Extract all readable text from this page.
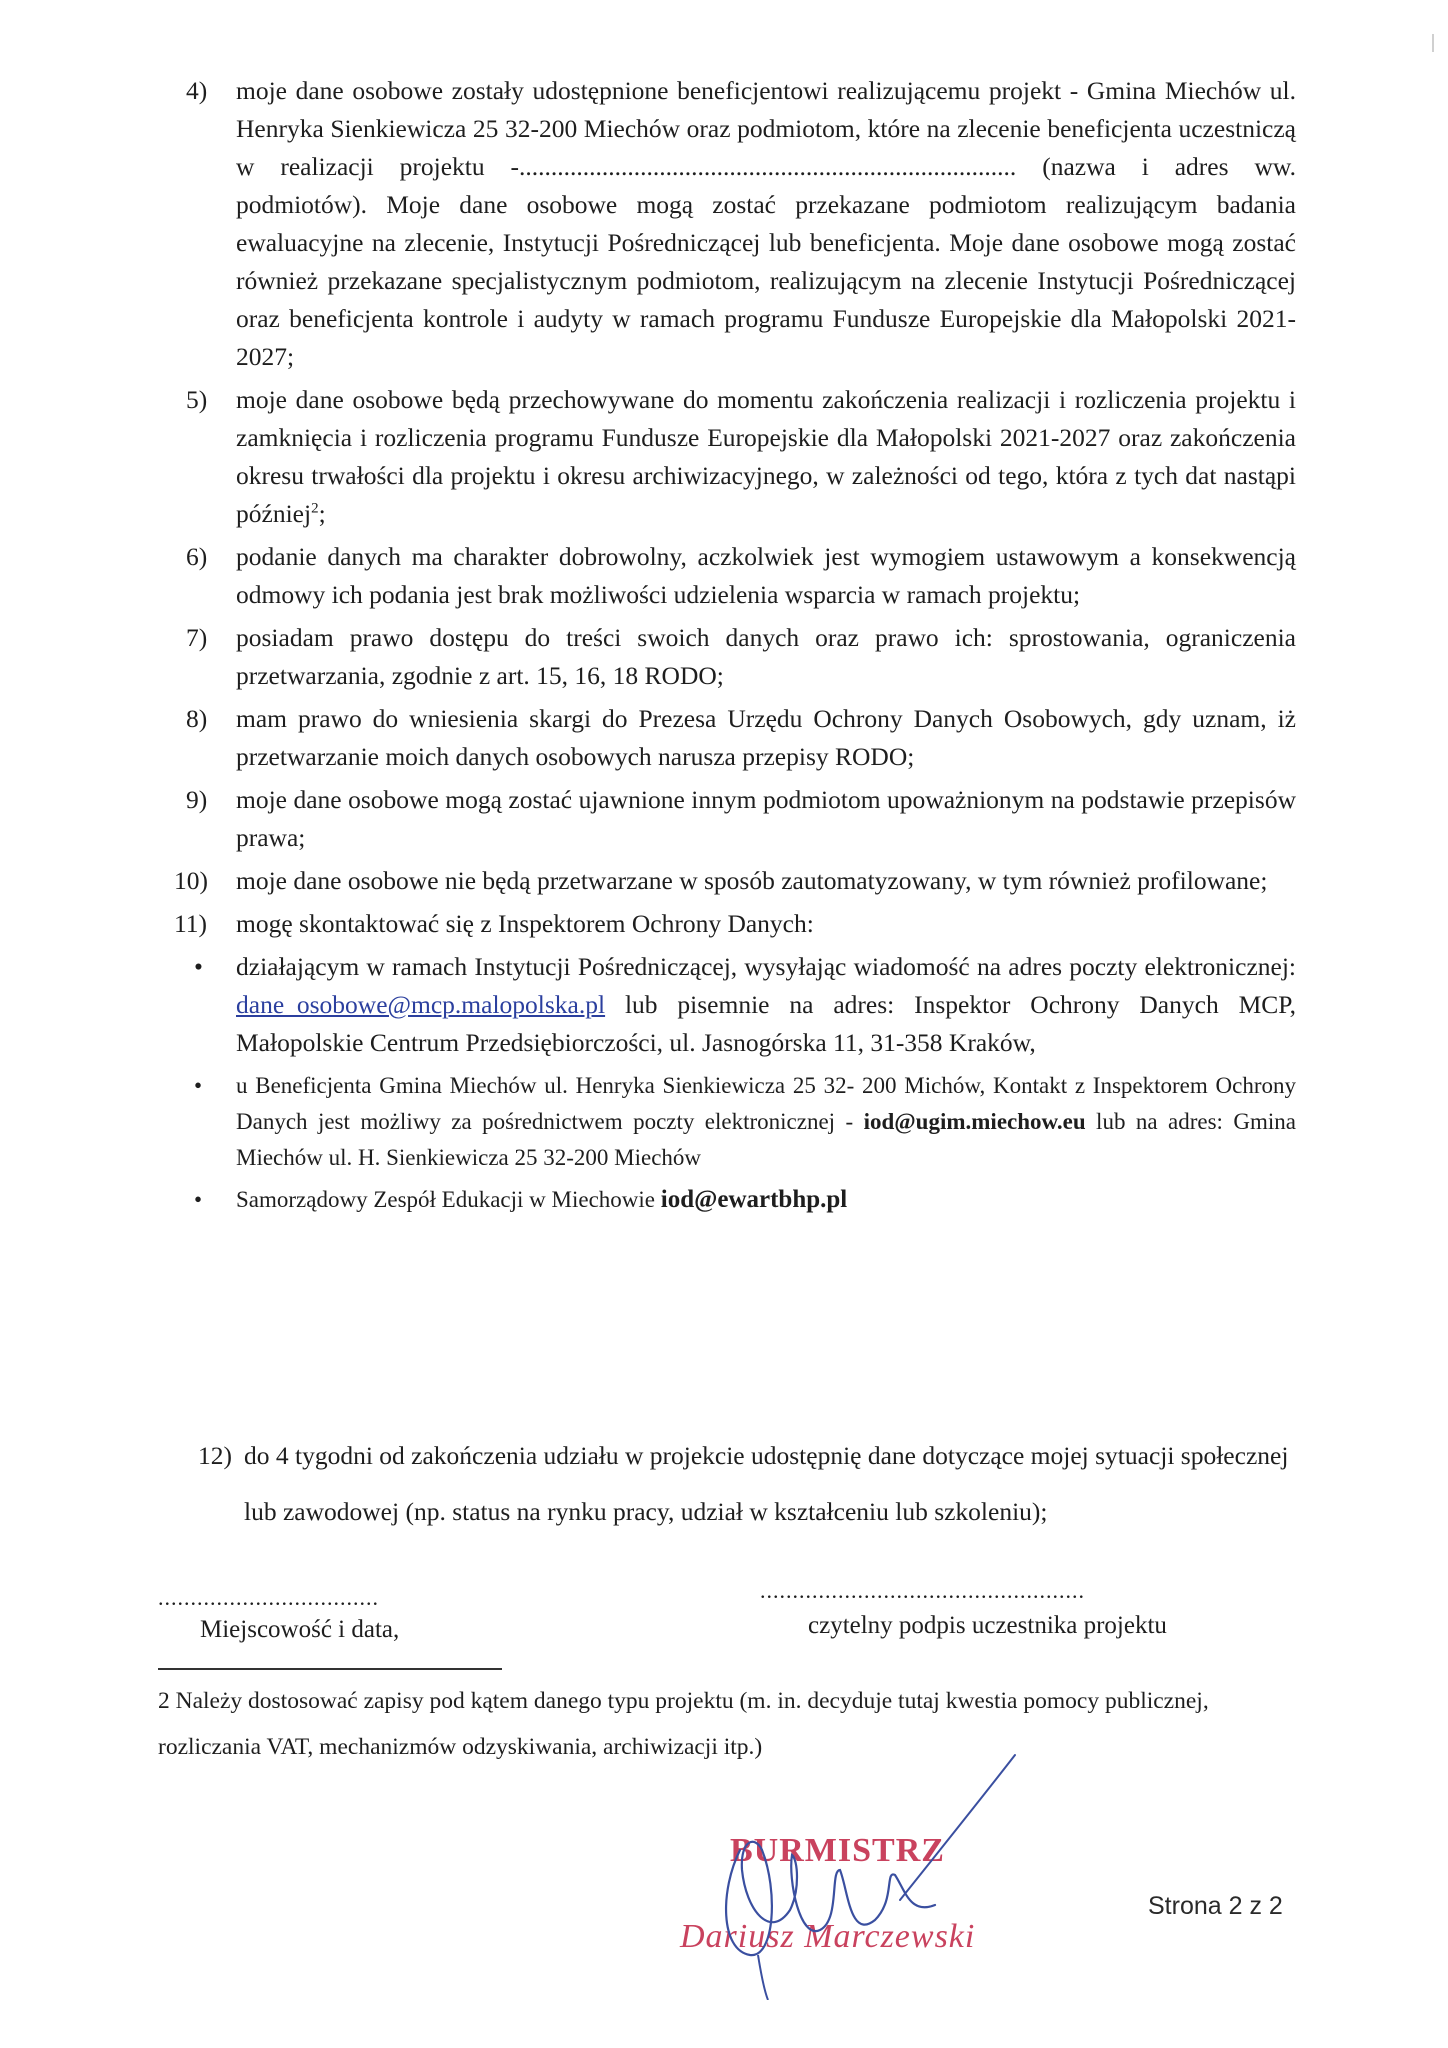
4) moje dane osobowe zostały udostępnione beneficjentowi realizującemu projekt - Gmina Miechów ul. Henryka Sienkiewicza 25 32-200 Miechów oraz podmiotom, które na zlecenie beneficjenta uczestniczą w realizacji projektu -.............................................................................. (nazwa i adres ww. podmiotów). Moje dane osobowe mogą zostać przekazane podmiotom realizującym badania ewaluacyjne na zlecenie, Instytucji Pośredniczącej lub beneficjenta. Moje dane osobowe mogą zostać również przekazane specjalistycznym podmiotom, realizującym na zlecenie Instytucji Pośredniczącej oraz beneficjenta kontrole i audyty w ramach programu Fundusze Europejskie dla Małopolski 2021-2027;
5) moje dane osobowe będą przechowywane do momentu zakończenia realizacji i rozliczenia projektu i zamknięcia i rozliczenia programu Fundusze Europejskie dla Małopolski 2021-2027 oraz zakończenia okresu trwałości dla projektu i okresu archiwizacyjnego, w zależności od tego, która z tych dat nastąpi później$^2$;
6) podanie danych ma charakter dobrowolny, aczkolwiek jest wymogiem ustawowym a konsekwencją odmowy ich podania jest brak możliwości udzielenia wsparcia w ramach projektu;
7) posiadam prawo dostępu do treści swoich danych oraz prawo ich: sprostowania, ograniczenia przetwarzania, zgodnie z art. 15, 16, 18 RODO;
8) mam prawo do wniesienia skargi do Prezesa Urzędu Ochrony Danych Osobowych, gdy uznam, iż przetwarzanie moich danych osobowych narusza przepisy RODO;
9) moje dane osobowe mogą zostać ujawnione innym podmiotom upoważnionym na podstawie przepisów prawa;
10) moje dane osobowe nie będą przetwarzane w sposób zautomatyzowany, w tym również profilowane;
11) mogę skontaktować się z Inspektorem Ochrony Danych:
• działającym w ramach Instytucji Pośredniczącej, wysyłając wiadomość na adres poczty elektronicznej: dane_osobowe@mcp.malopolska.pl lub pisemnie na adres: Inspektor Ochrony Danych MCP, Małopolskie Centrum Przedsiębiorczości, ul. Jasnogórska 11, 31-358 Kraków,
• u Beneficjenta Gmina Miechów ul. Henryka Sienkiewicza 25 32- 200 Michów, Kontakt z Inspektorem Ochrony Danych jest możliwy za pośrednictwem poczty elektronicznej - iod@ugim.miechow.eu lub na adres: Gmina Miechów ul. H. Sienkiewicza 25 32-200 Miechów
• Samorządowy Zespół Edukacji w Miechowie iod@ewartbhp.pl
12) do 4 tygodni od zakończenia udziału w projekcie udostępnię dane dotyczące mojej sytuacji społecznej lub zawodowej (np. status na rynku pracy, udział w kształceniu lub szkoleniu);
..................................	..................................................
Miejscowość i data,	czytelny podpis uczestnika projektu
2 Należy dostosować zapisy pod kątem danego typu projektu (m. in. decyduje tutaj kwestia pomocy publicznej, rozliczania VAT, mechanizmów odzyskiwania, archiwizacji itp.)
BURMISTRZ
Dariusz Marczewski
Strona 2 z 2
